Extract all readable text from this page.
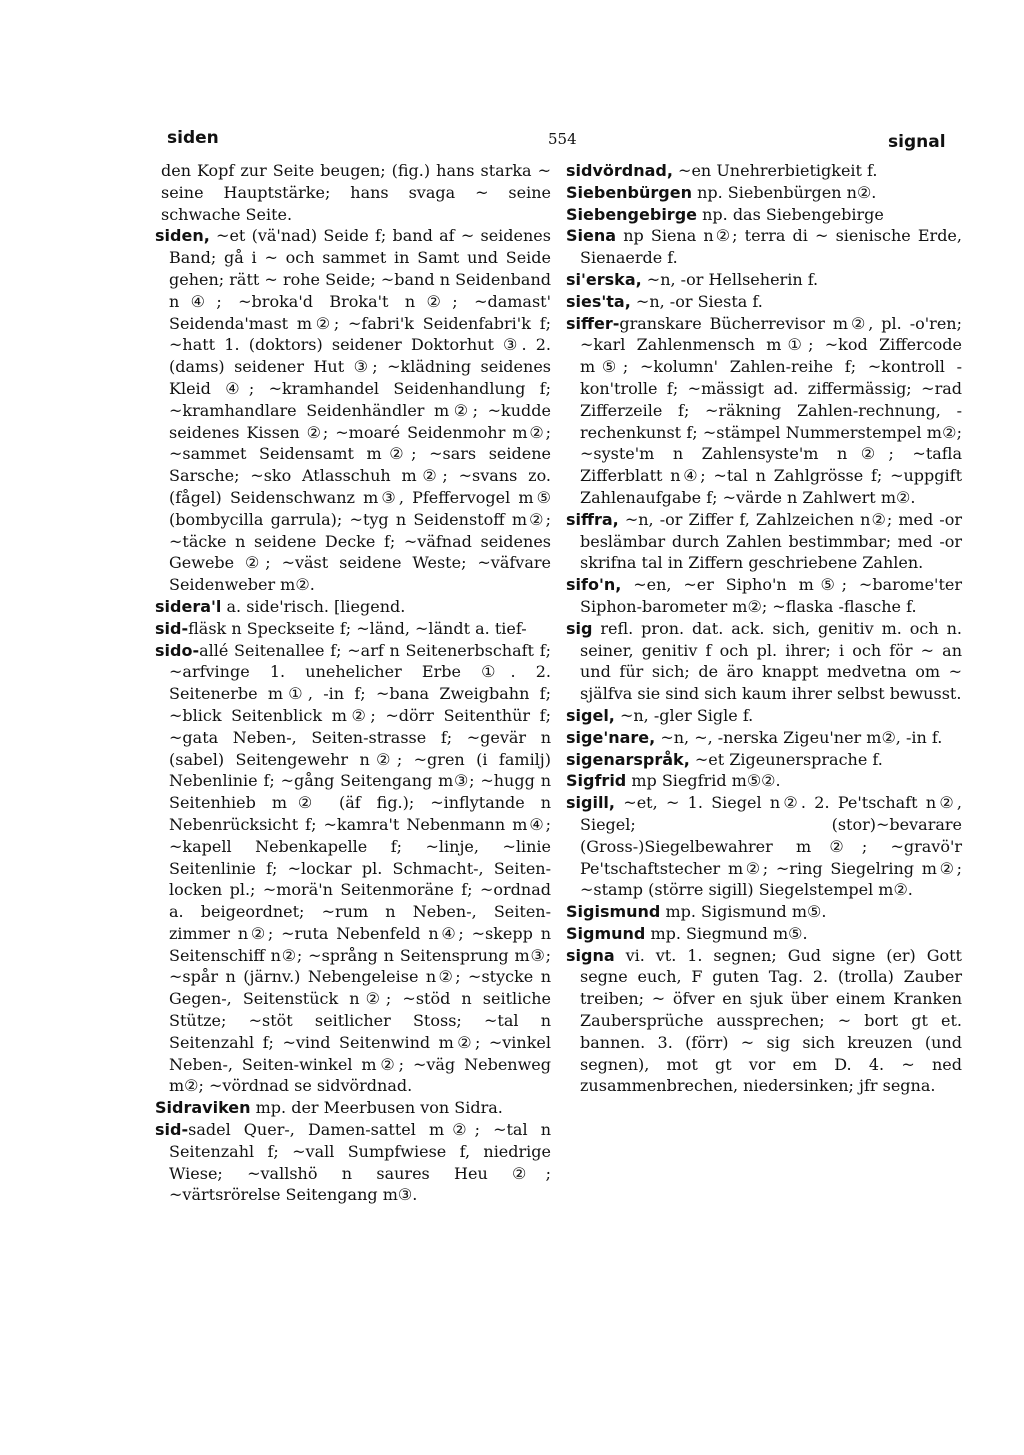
siden	554	signal

den Kopf zur Seite beugen; (fig.) hans starka ~ seine Hauptstärke; hans svaga ~ seine schwache Seite.

siden, ~et (vä'nad) Seide f; band af ~ seidenes Band; gå i ~ och sammet in Samt und Seide gehen; rätt ~ rohe Seide; ~band n Seidenband n④; ~broka'd Broka't n②; ~damast' Seidenda'mast m②; ~fabri'k Seidenfabri'k f; ~hatt 1. (doktors) seidener Doktorhut ③. 2. (dams) seidener Hut ③; ~klädning seidenes Kleid ④; ~kramhandel Seidenhandlung f; ~kramhandlare Seidenhändler m②; ~kudde seidenes Kissen ②; ~moaré Seidenmohr m②; ~sammet Seidensamt m②; ~sars seidene Sarsche; ~sko Atlasschuh m②; ~svans zo. (fågel) Seidenschwanz m③, Pfeffervogel m⑤ (bombycilla garrula); ~tyg n Seidenstoff m②; ~täcke n seidene Decke f; ~väfnad seidenes Gewebe ②; ~väst seidene Weste; ~väfvare Seidenweber m②.

sidera'l a. side'risch. [liegend.

sid-fläsk n Speckseite f; ~länd, ~ländt a. tief-

sido-allé Seitenallee f; ~arf n Seitenerbschaft f; ~arfvinge 1. unehelicher Erbe ①. 2. Seitenerbe m①, -in f; ~bana Zweigbahn f; ~blick Seitenblick m②; ~dörr Seitenthür f; ~gata Neben-, Seiten-strasse f; ~gevär n (sabel) Seitengewehr n②; ~gren (i familj) Nebenlinie f; ~gång Seitengang m③; ~hugg n Seitenhieb m② (äf fig.); ~inflytande n Nebenrücksicht f; ~kamra't Nebenmann m④; ~kapell Nebenkapelle f; ~linje, ~linie Seitenlinie f; ~lockar pl. Schmacht-, Seiten-locken pl.; ~morä'n Seitenmoräne f; ~ordnad a. beigeordnet; ~rum n Neben-, Seiten-zimmer n②; ~ruta Nebenfeld n④; ~skepp n Seitenschiff n②; ~språng n Seitensprung m③; ~spår n (järnv.) Nebengeleise n②; ~stycke n Gegen-, Seitenstück n②; ~stöd n seitliche Stütze; ~stöt seitlicher Stoss; ~tal n Seitenzahl f; ~vind Seitenwind m②; ~vinkel Neben-, Seiten-winkel m②; ~väg Nebenweg m②; ~vördnad se sidvördnad.

Sidraviken mp. der Meerbusen von Sidra.

sid-sadel Quer-, Damen-sattel m②; ~tal n Seitenzahl f; ~vall Sumpfwiese f, niedrige Wiese; ~vallshö n saures Heu ②; ~värtsrörelse Seitengang m③.

sidvördnad, ~en Unehrerbietigkeit f.

Siebenbürgen np. Siebenbürgen n②.

Siebengebirge np. das Siebengebirge

Siena np Siena n②; terra di ~ sienische Erde, Sienaerde f.

si'erska, ~n, -or Hellseherin f.

sies'ta, ~n, -or Siesta f.

siffer-granskare Bücherrevisor m②, pl. -o'ren; ~karl Zahlenmensch m①; ~kod Ziffercode m⑤; ~kolumn' Zahlen-reihe f; ~kontroll -kon'trolle f; ~mässigt ad. ziffermässig; ~rad Zifferzeile f; ~räkning Zahlen-rechnung, -rechenkunst f; ~stämpel Nummerstempel m②; ~syste'm n Zahlensyste'm n②; ~tafla Zifferblatt n④; ~tal n Zahlgrösse f; ~uppgift Zahlenaufgabe f; ~värde n Zahlwert m②.

siffra, ~n, -or Ziffer f, Zahlzeichen n②; med -or beslämbar durch Zahlen bestimmbar; med -or skrifna tal in Ziffern geschriebene Zahlen.

sifo'n, ~en, ~er Sipho'n m⑤; ~barome'ter Siphon-barometer m②; ~flaska -flasche f.

sig refl. pron. dat. ack. sich, genitiv m. och n. seiner, genitiv f och pl. ihrer; i och för ~ an und für sich; de äro knappt medvetna om ~ själfva sie sind sich kaum ihrer selbst bewusst.

sigel, ~n, -gler Sigle f.

sige'nare, ~n, ~, -nerska Zigeu'ner m②, -in f.

sigenarspråk, ~et Zigeunersprache f.

Sigfrid mp Siegfrid m⑤②.

sigill, ~et, ~ 1. Siegel n②. 2. Pe'tschaft n②, Siegel; (stor)~bevarare (Gross-)Siegelbewahrer m②; ~gravö'r Pe'tschaftstecher m②; ~ring Siegelring m②; ~stamp (större sigill) Siegelstempel m②.

Sigismund mp. Sigismund m⑤.

Sigmund mp. Siegmund m⑤.

signa vi. vt. 1. segnen; Gud signe (er) Gott segne euch, F guten Tag. 2. (trolla) Zauber treiben; ~ öfver en sjuk über einem Kranken Zaubersprüche aussprechen; ~ bort gt et. bannen. 3. (förr) ~ sig sich kreuzen (und segnen), mot gt vor em D. 4. ~ ned zusammenbrechen, niedersinken; jfr segna.
